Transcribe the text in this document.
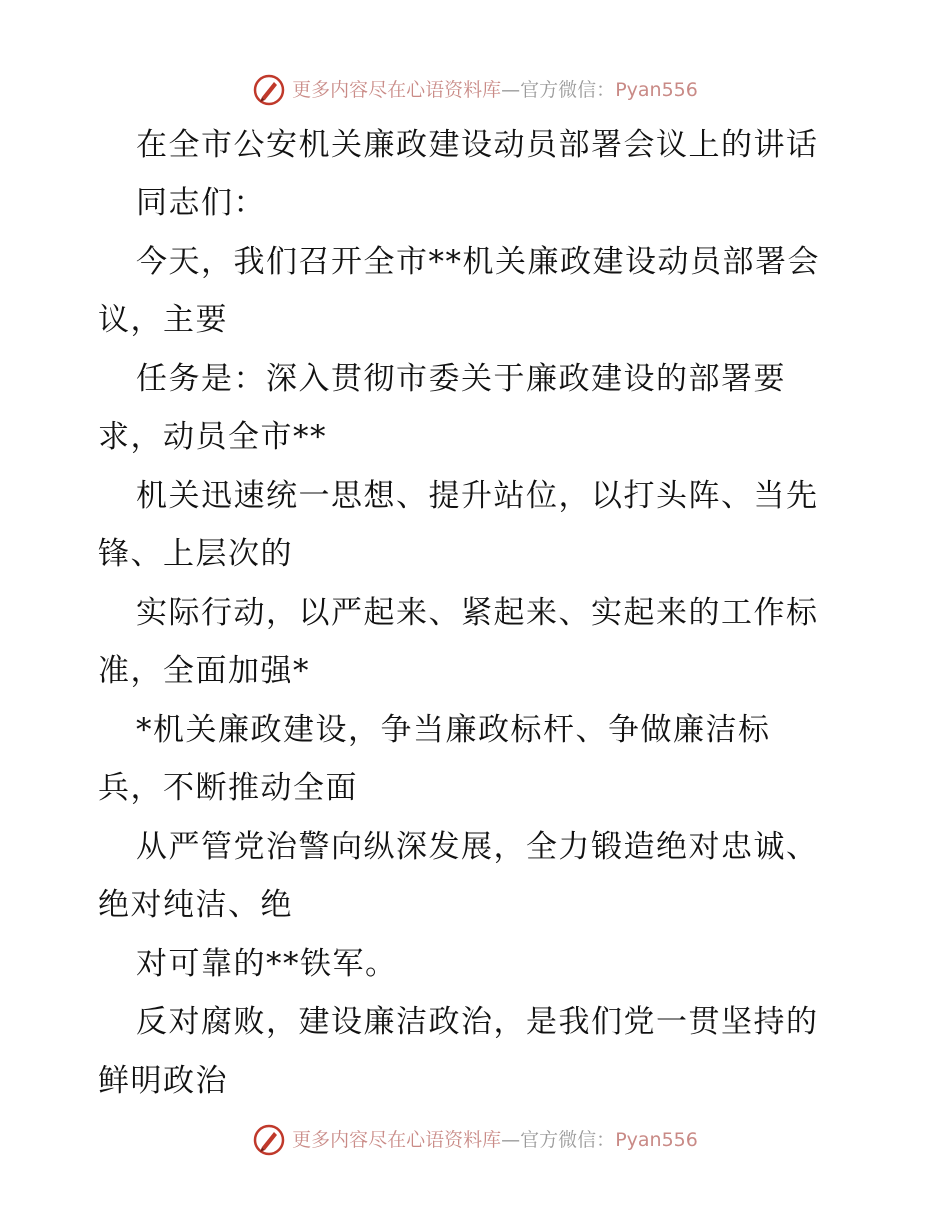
更多内容尽在心语资料库—官方微信：Pyan556
在全市公安机关廉政建设动员部署会议上的讲话
同志们：
今天，我们召开全市**机关廉政建设动员部署会
议，主要
任务是：深入贯彻市委关于廉政建设的部署要
求，动员全市**
机关迅速统一思想、提升站位，以打头阵、当先
锋、上层次的
实际行动，以严起来、紧起来、实起来的工作标
准，全面加强*
*机关廉政建设，争当廉政标杆、争做廉洁标
兵，不断推动全面
从严管党治警向纵深发展，全力锻造绝对忠诚、
绝对纯洁、绝
对可靠的**铁军。
反对腐败，建设廉洁政治，是我们党一贯坚持的
鲜明政治
更多内容尽在心语资料库—官方微信：Pyan556
